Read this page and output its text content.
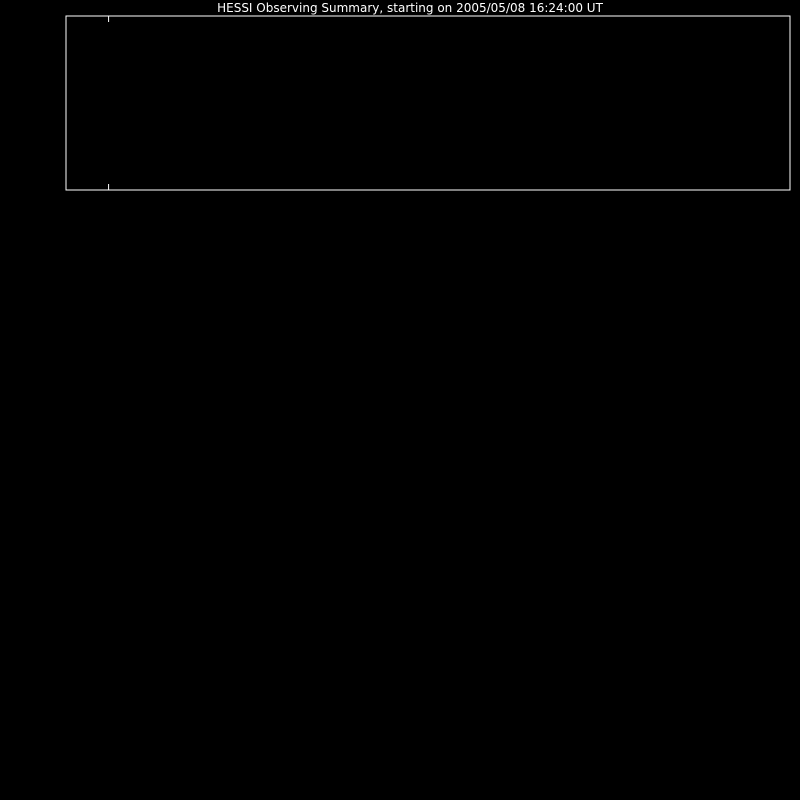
HESSI Observing Summary, starting on 2005/05/08 16:24:00 UT
